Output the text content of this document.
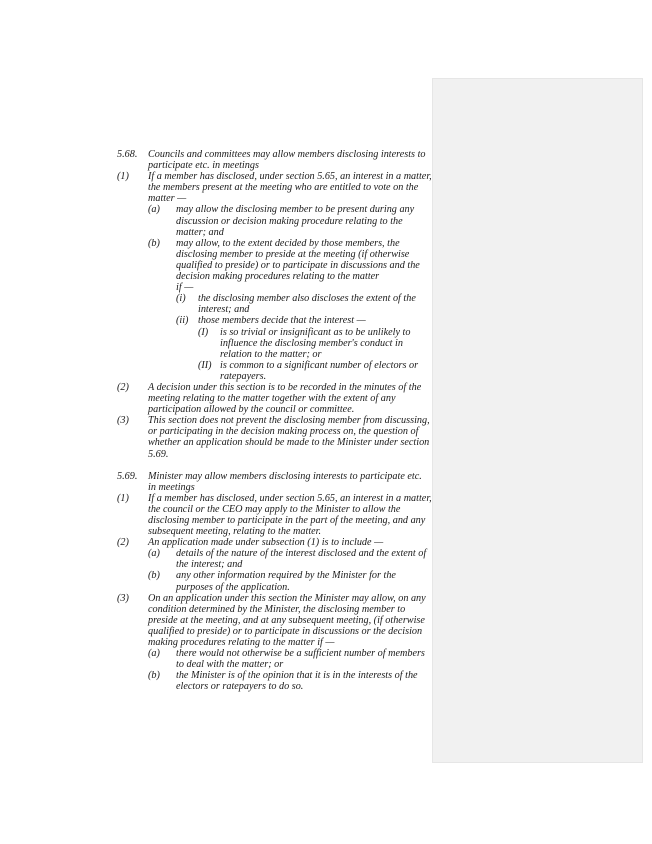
5.68. Councils and committees may allow members disclosing interests to participate etc. in meetings
(1) If a member has disclosed, under section 5.65, an interest in a matter, the members present at the meeting who are entitled to vote on the matter —
(a) may allow the disclosing member to be present during any discussion or decision making procedure relating to the matter; and
(b) may allow, to the extent decided by those members, the disclosing member to preside at the meeting (if otherwise qualified to preside) or to participate in discussions and the decision making procedures relating to the matter
if —
(i) the disclosing member also discloses the extent of the interest; and
(ii) those members decide that the interest —
(I) is so trivial or insignificant as to be unlikely to influence the disclosing member's conduct in relation to the matter; or
(II) is common to a significant number of electors or ratepayers.
(2) A decision under this section is to be recorded in the minutes of the meeting relating to the matter together with the extent of any participation allowed by the council or committee.
(3) This section does not prevent the disclosing member from discussing, or participating in the decision making process on, the question of whether an application should be made to the Minister under section 5.69.
5.69. Minister may allow members disclosing interests to participate etc. in meetings
(1) If a member has disclosed, under section 5.65, an interest in a matter, the council or the CEO may apply to the Minister to allow the disclosing member to participate in the part of the meeting, and any subsequent meeting, relating to the matter.
(2) An application made under subsection (1) is to include —
(a) details of the nature of the interest disclosed and the extent of the interest; and
(b) any other information required by the Minister for the purposes of the application.
(3) On an application under this section the Minister may allow, on any condition determined by the Minister, the disclosing member to preside at the meeting, and at any subsequent meeting, (if otherwise qualified to preside) or to participate in discussions or the decision making procedures relating to the matter if —
(a) there would not otherwise be a sufficient number of members to deal with the matter; or
(b) the Minister is of the opinion that it is in the interests of the electors or ratepayers to do so.
